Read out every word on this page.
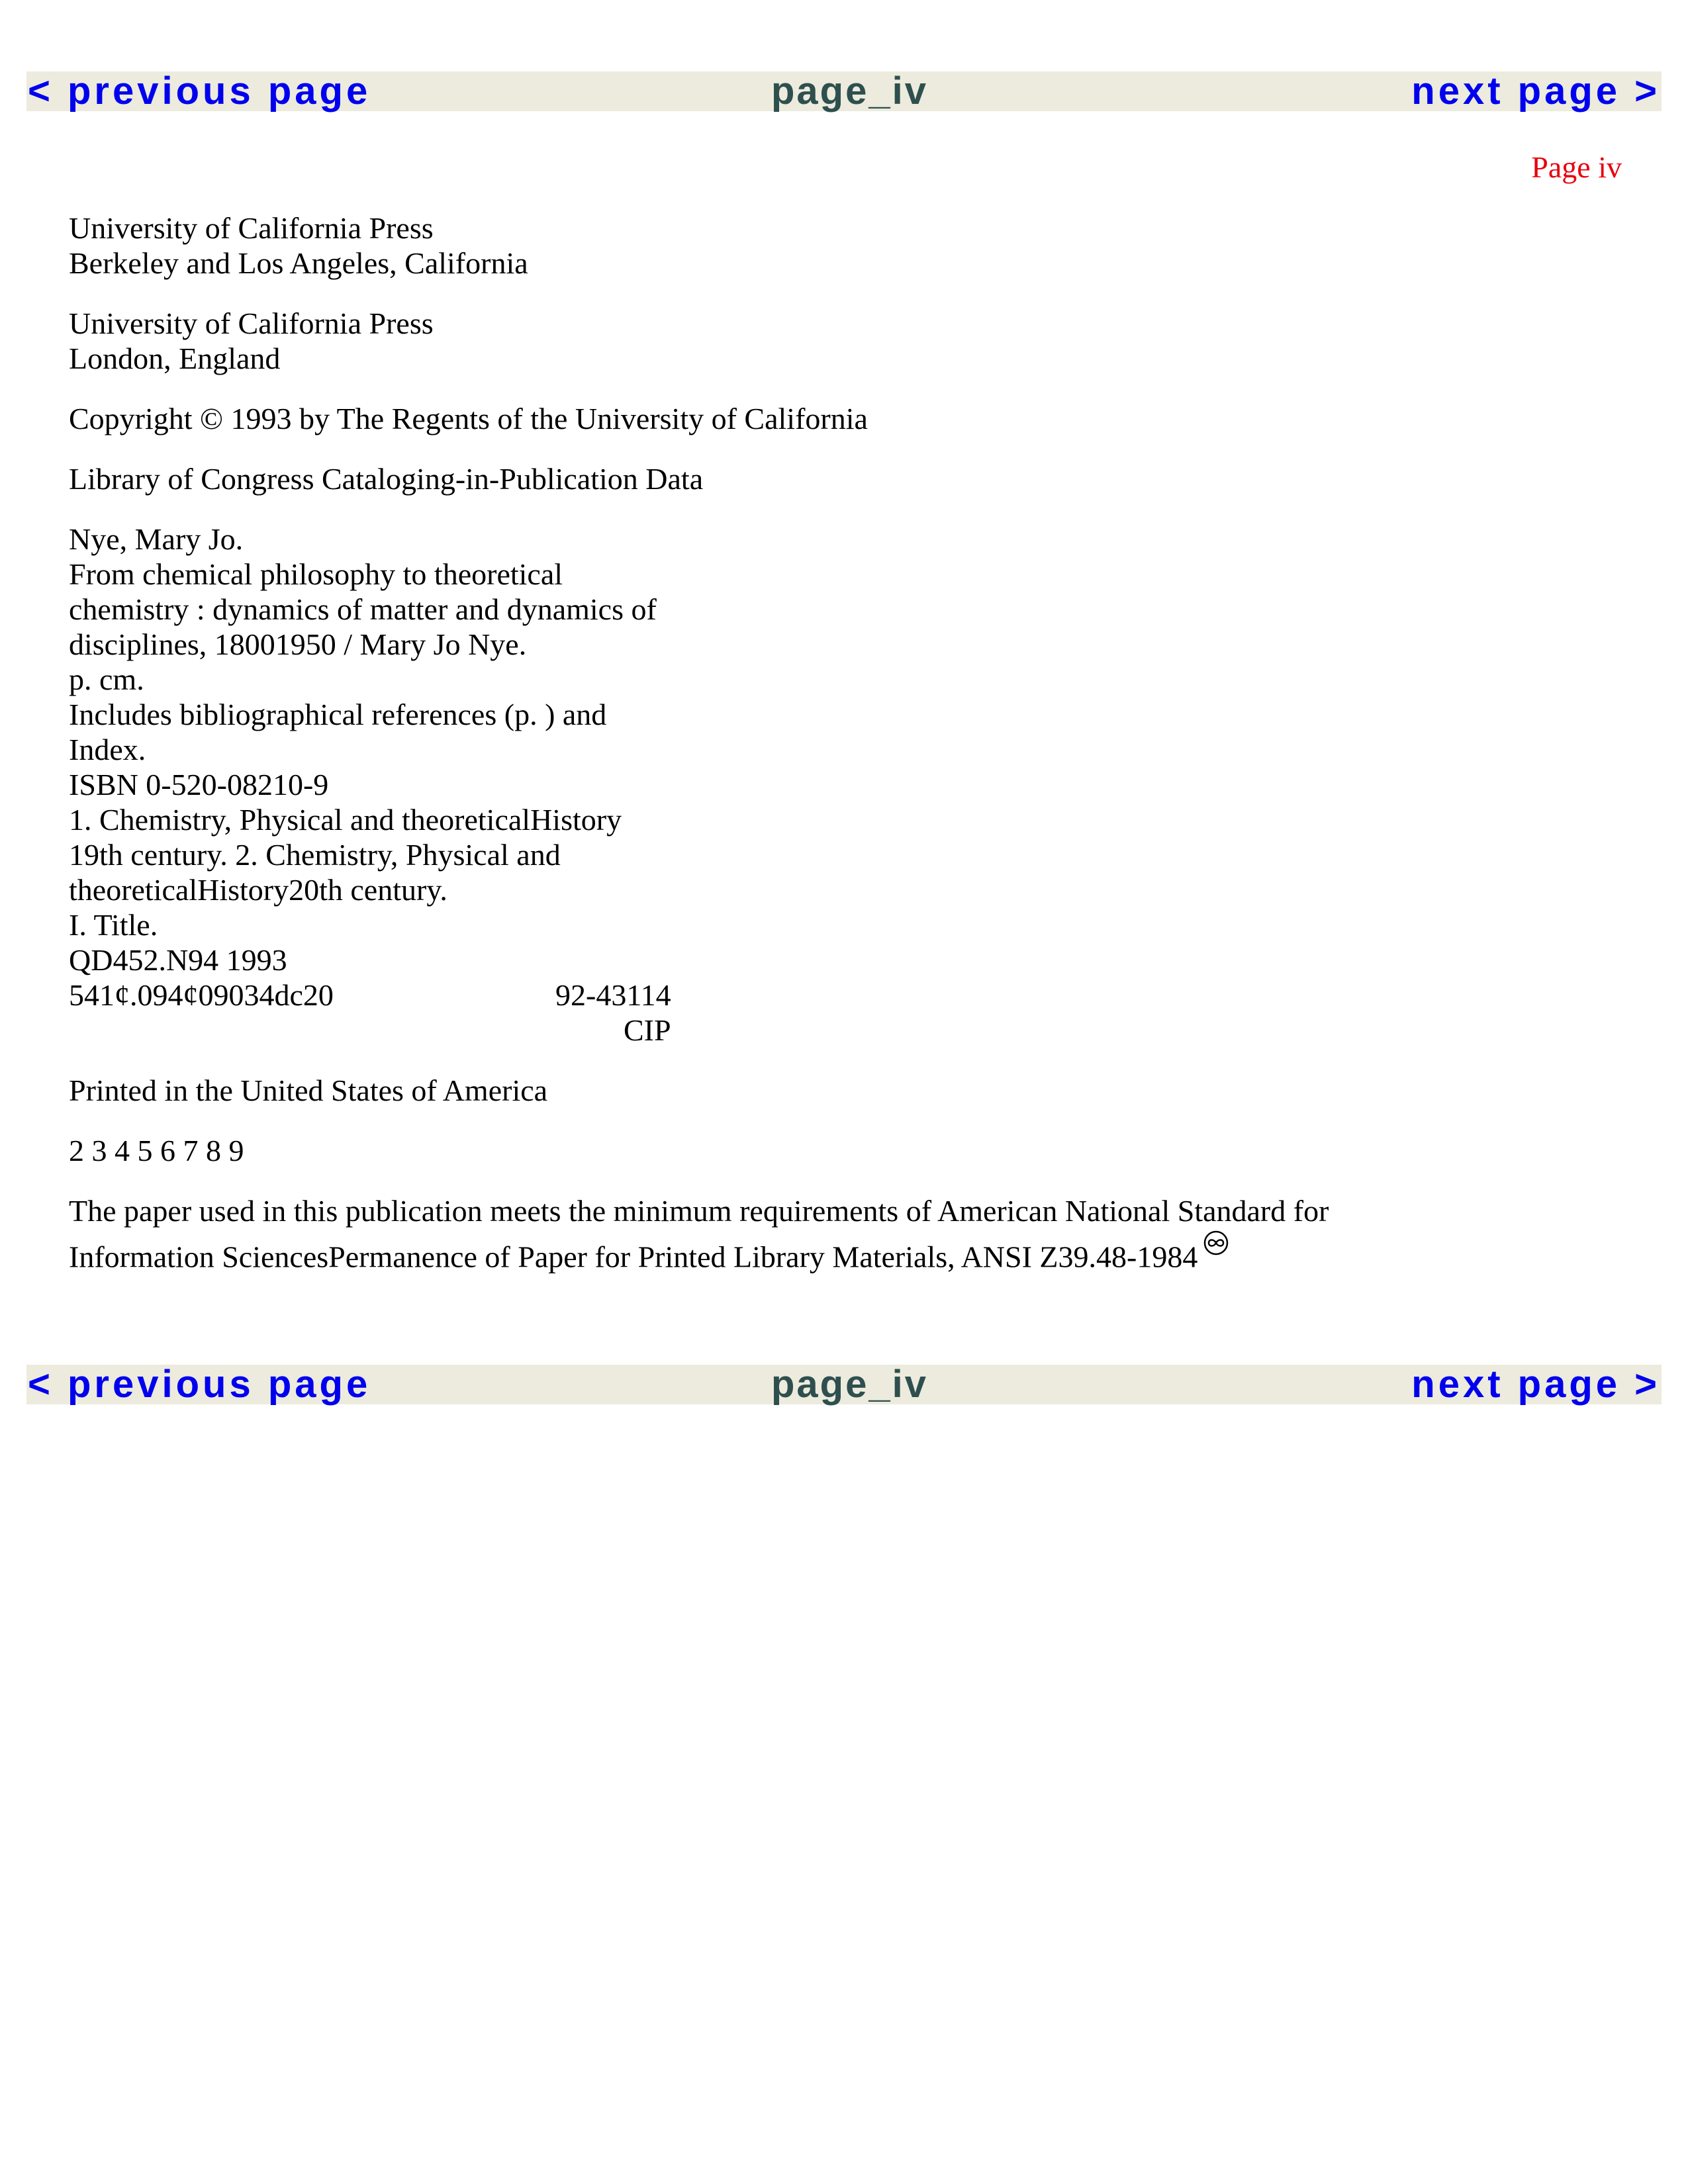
< previous page	page_iv	next page >
Page iv
University of California Press
Berkeley and Los Angeles, California
University of California Press
London, England

Copyright © 1993 by The Regents of the University of California

Library of Congress Cataloging-in-Publication Data

Nye, Mary Jo.
From chemical philosophy to theoretical
chemistry : dynamics of matter and dynamics of
disciplines, 18001950 / Mary Jo Nye.
p. cm.
Includes bibliographical references (p. ) and
Index.
ISBN 0-520-08210-9
1. Chemistry, Physical and theoreticalHistory
19th century. 2. Chemistry, Physical and
theoreticalHistory20th century.
I. Title.
QD452.N94 1993
541¢.094¢09034dc20	92-43114
CIP

Printed in the United States of America

2 3 4 5 6 7 8 9

The paper used in this publication meets the minimum requirements of American National Standard for
Information SciencesPermanence of Paper for Printed Library Materials, ANSI Z39.48-1984

< previous page	page_iv	next page >
